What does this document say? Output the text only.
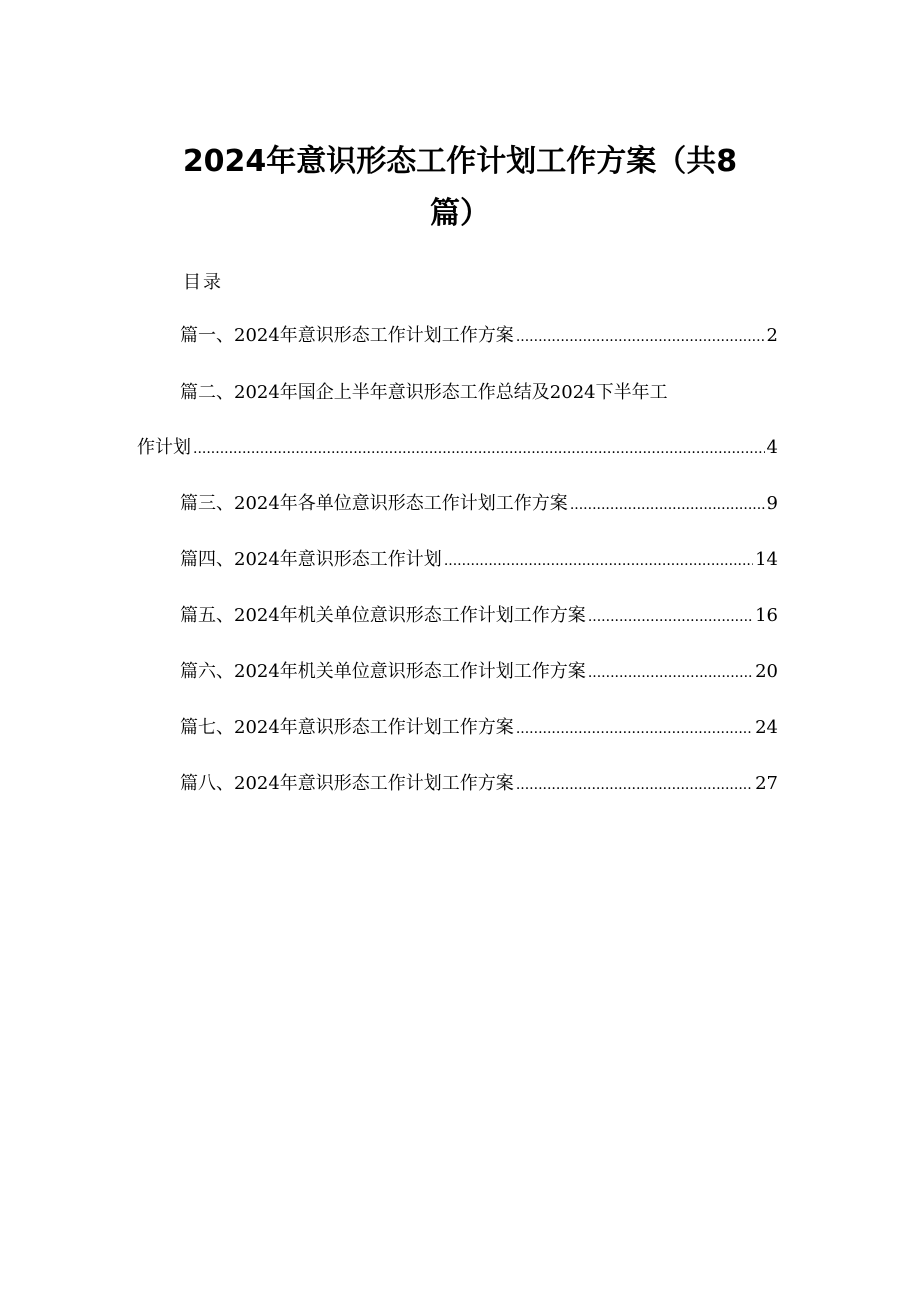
2024年意识形态工作计划工作方案（共8
篇）
目录
篇一、2024年意识形态工作计划工作方案 .....	2
篇二、2024年国企上半年意识形态工作总结及2024下半年工
作计划 .....	4
篇三、2024年各单位意识形态工作计划工作方案 .....	9
篇四、2024年意识形态工作计划 .....	14
篇五、2024年机关单位意识形态工作计划工作方案 .....	16
篇六、2024年机关单位意识形态工作计划工作方案 .....	20
篇七、2024年意识形态工作计划工作方案 .....	24
篇八、2024年意识形态工作计划工作方案 .....	27
